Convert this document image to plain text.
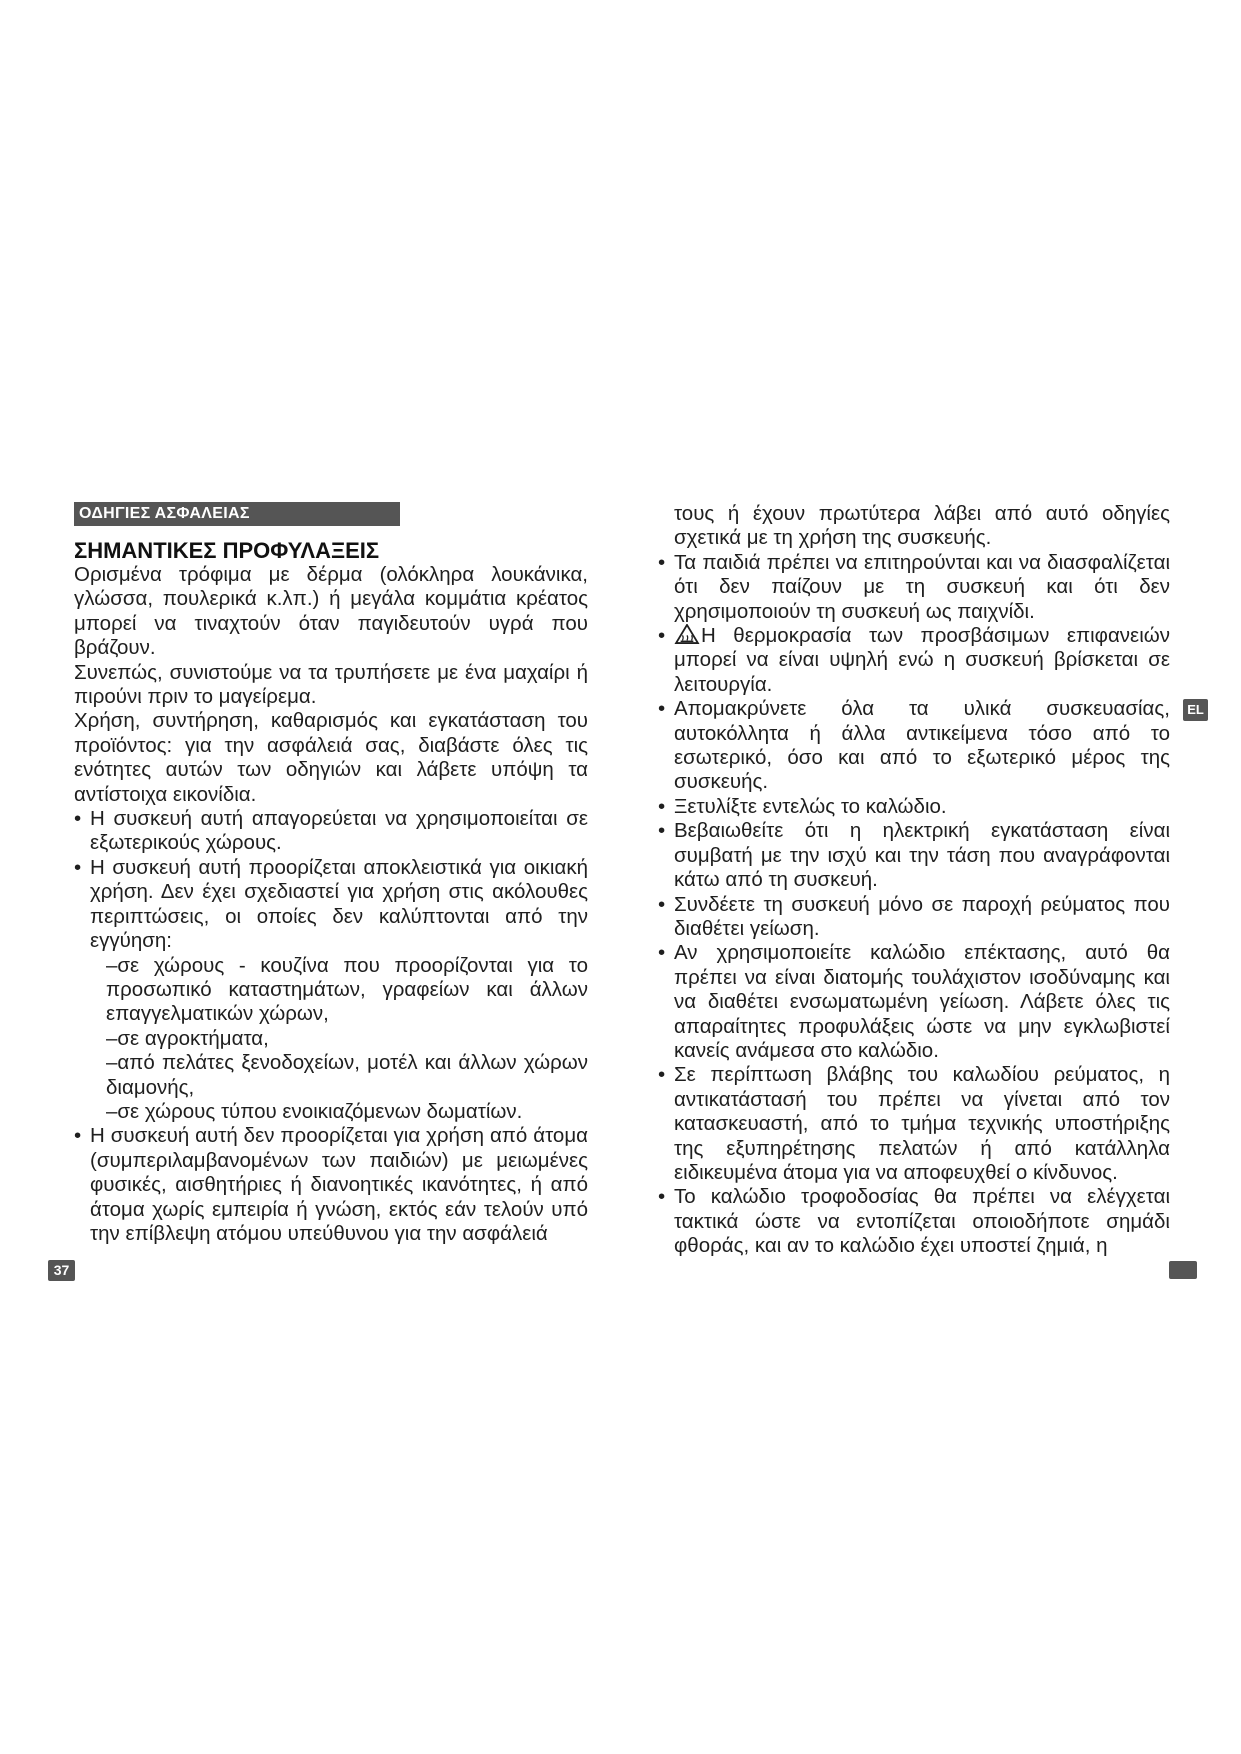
ΟΔΗΓΙΕΣ ΑΣΦΑΛΕΙΑΣ
ΣΗΜΑΝΤΙΚΕΣ ΠΡΟΦΥΛΑΞΕΙΣ

Ορισμένα τρόφιμα με δέρμα (ολόκληρα λουκάνικα, γλώσσα, πουλερικά κ.λπ.) ή μεγάλα κομμάτια κρέατος μπορεί να τιναχτούν όταν παγιδευτούν υγρά που βράζουν.

Συνεπώς, συνιστούμε να τα τρυπήσετε με ένα μαχαίρι ή πιρούνι πριν το μαγείρεμα.

Χρήση, συντήρηση, καθαρισμός και εγκατάσταση του προϊόντος: για την ασφάλειά σας, διαβάστε όλες τις ενότητες αυτών των οδηγιών και λάβετε υπόψη τα αντίστοιχα εικονίδια.

• Η συσκευή αυτή απαγορεύεται να χρησιμοποιείται σε εξωτερικούς χώρους.
• Η συσκευή αυτή προορίζεται αποκλειστικά για οικιακή χρήση. Δεν έχει σχεδιαστεί για χρήση στις ακόλουθες περιπτώσεις, οι οποίες δεν καλύπτονται από την εγγύηση:
–σε χώρους - κουζίνα που προορίζονται για το προσωπικό καταστημάτων, γραφείων και άλλων επαγγελματικών χώρων,
–σε αγροκτήματα,
–από πελάτες ξενοδοχείων, μοτέλ και άλλων χώρων διαμονής,
–σε χώρους τύπου ενοικιαζόμενων δωματίων.
• Η συσκευή αυτή δεν προορίζεται για χρήση από άτομα (συμπεριλαμβανομένων των παιδιών) με μειωμένες φυσικές, αισθητήριες ή διανοητικές ικανότητες, ή από άτομα χωρίς εμπειρία ή γνώση, εκτός εάν τελούν υπό την επίβλεψη ατόμου υπεύθυνου για την ασφάλειά

τους ή έχουν πρωτύτερα λάβει από αυτό οδηγίες σχετικά με τη χρήση της συσκευής.

• Τα παιδιά πρέπει να επιτηρούνται και να διασφαλίζεται ότι δεν παίζουν με τη συσκευή και ότι δεν χρησιμοποιούν τη συσκευή ως παιχνίδι.
• Η θερμοκρασία των προσβάσιμων επιφανειών μπορεί να είναι υψηλή ενώ η συσκευή βρίσκεται σε λειτουργία.
• Απομακρύνετε όλα τα υλικά συσκευασίας, αυτοκόλλητα ή άλλα αντικείμενα τόσο από το εσωτερικό, όσο και από το εξωτερικό μέρος της συσκευής.
• Ξετυλίξτε εντελώς το καλώδιο.
• Βεβαιωθείτε ότι η ηλεκτρική εγκατάσταση είναι συμβατή με την ισχύ και την τάση που αναγράφονται κάτω από τη συσκευή.
• Συνδέετε τη συσκευή μόνο σε παροχή ρεύματος που διαθέτει γείωση.
• Αν χρησιμοποιείτε καλώδιο επέκτασης, αυτό θα πρέπει να είναι διατομής τουλάχιστον ισοδύναμης και να διαθέτει ενσωματωμένη γείωση. Λάβετε όλες τις απαραίτητες προφυλάξεις ώστε να μην εγκλωβιστεί κανείς ανάμεσα στο καλώδιο.
• Σε περίπτωση βλάβης του καλωδίου ρεύματος, η αντικατάστασή του πρέπει να γίνεται από τον κατασκευαστή, από το τμήμα τεχνικής υποστήριξης της εξυπηρέτησης πελατών ή από κατάλληλα ειδικευμένα άτομα για να αποφευχθεί ο κίνδυνος.
• Το καλώδιο τροφοδοσίας θα πρέπει να ελέγχεται τακτικά ώστε να εντοπίζεται οποιοδήποτε σημάδι φθοράς, και αν το καλώδιο έχει υποστεί ζημιά, η
EL
37
